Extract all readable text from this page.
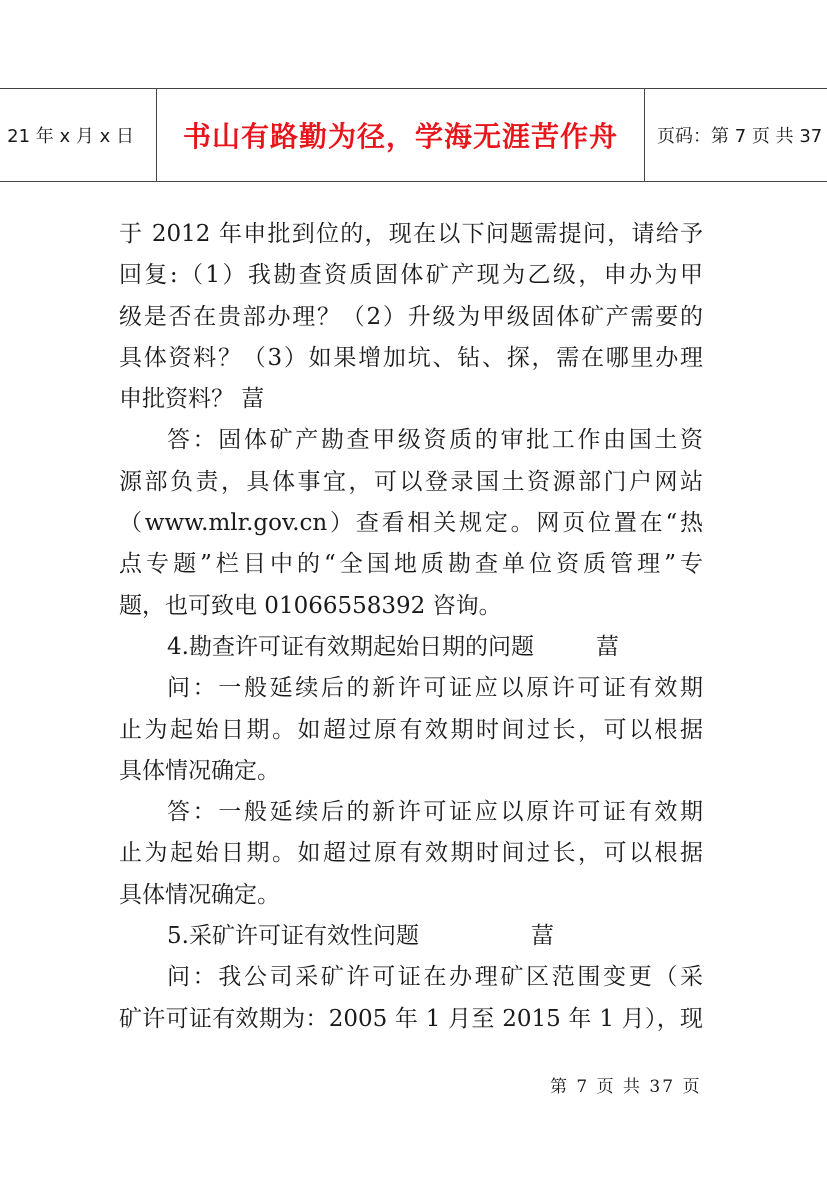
21 年 x 月 x 日	书山有路勤为径，学海无涯苦作舟	页码：第 7 页 共 37
于 2012 年申批到位的，现在以下问题需提问，请给予
回复:（1）我勘查资质固体矿产现为乙级，申办为甲
级是否在贵部办理？（2）升级为甲级固体矿产需要的
具体资料？（3）如果增加坑、钻、探，需在哪里办理
申批资料？ 葍
答：固体矿产勘查甲级资质的审批工作由国土资
源部负责，具体事宜，可以登录国土资源部门户网站
（www.mlr.gov.cn）查看相关规定。网页位置在“热
点专题”栏目中的“全国地质勘查单位资质管理”专
题，也可致电 01066558392 咨询。
4.勘查许可证有效期起始日期的问题	葍
问：一般延续后的新许可证应以原许可证有效期
止为起始日期。如超过原有效期时间过长，可以根据
具体情况确定。
答：一般延续后的新许可证应以原许可证有效期
止为起始日期。如超过原有效期时间过长，可以根据
具体情况确定。
5.采矿许可证有效性问题	葍
问：我公司采矿许可证在办理矿区范围变更（采
矿许可证有效期为：2005 年 1 月至 2015 年 1 月），现
第 7 页 共 37 页
